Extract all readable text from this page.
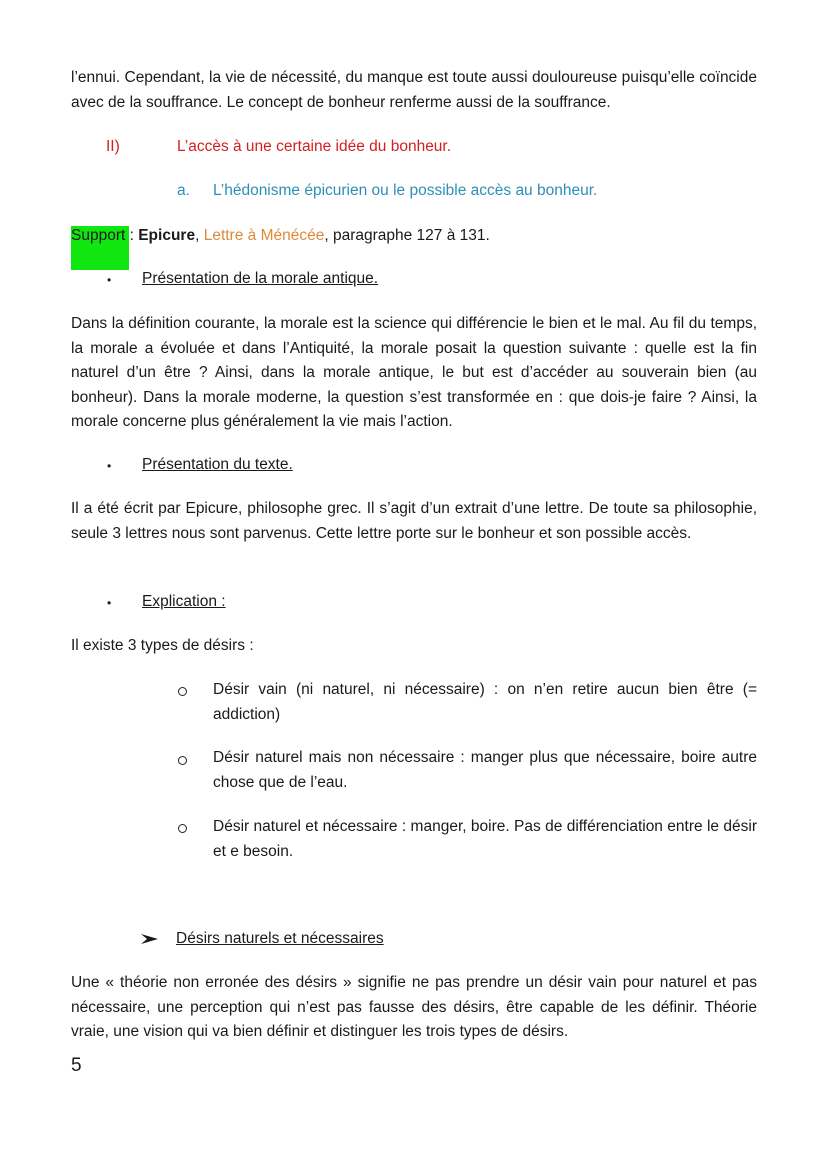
l’ennui. Cependant, la vie de nécessité, du manque est toute aussi douloureuse puisqu’elle coïncide avec de la souffrance. Le concept de bonheur renferme aussi de la souffrance.

II)	L’accès à une certaine idée du bonheur.
a. L’hédonisme épicurien ou le possible accès au bonheur.
Support : Epicure, Lettre à Ménécée, paragraphe 127 à 131.
• Présentation de la morale antique.

Dans la définition courante, la morale est la science qui différencie le bien et le mal. Au fil du temps, la morale a évoluée et dans l’Antiquité, la morale posait la question suivante : quelle est la fin naturel d’un être ? Ainsi, dans la morale antique, le but est d’accéder au souverain bien (au bonheur). Dans la morale moderne, la question s’est transformée en : que dois-je faire ? Ainsi, la morale concerne plus généralement la vie mais l’action.

• Présentation du texte.

Il a été écrit par Epicure, philosophe grec. Il s’agit d’un extrait d’une lettre. De toute sa philosophie, seule 3 lettres nous sont parvenus. Cette lettre porte sur le bonheur et son possible accès.

• Explication :
Il existe 3 types de désirs :

Désir vain (ni naturel, ni nécessaire) : on n’en retire aucun bien être (= addiction)

Désir naturel mais non nécessaire : manger plus que nécessaire, boire autre chose que de l’eau.

Désir naturel et nécessaire : manger, boire. Pas de différenciation entre le désir et e besoin.

Désirs naturels et nécessaires

Une « théorie non erronée des désirs » signifie ne pas prendre un désir vain pour naturel et pas nécessaire, une perception qui n’est pas fausse des désirs, être capable de les définir. Théorie vraie, une vision qui va bien définir et distinguer les trois types de désirs.

5
